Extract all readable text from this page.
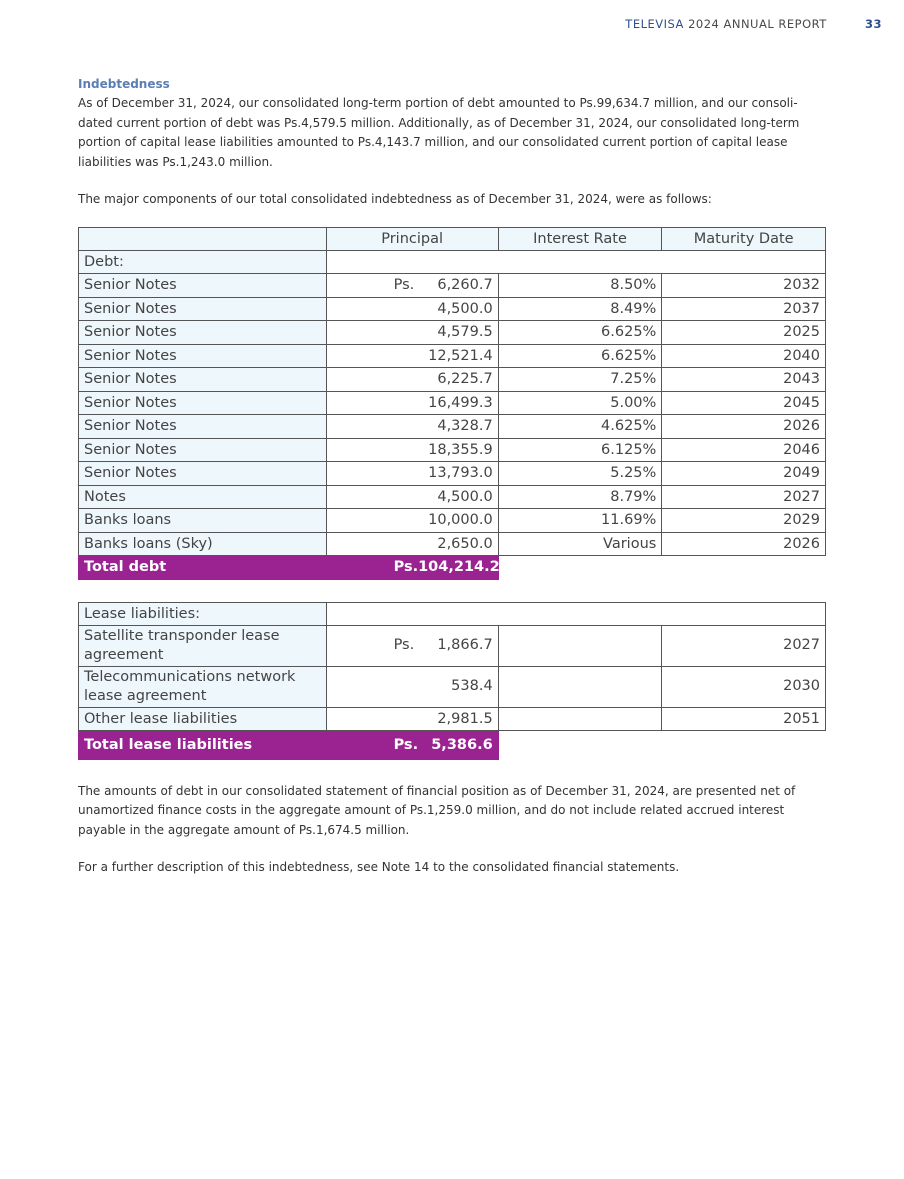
TELEVISA 2024 ANNUAL REPORT	33
Indebtedness

As of December 31, 2024, our consolidated long-term portion of debt amounted to Ps.99,634.7 million, and our consoli-dated current portion of debt was Ps.4,579.5 million. Additionally, as of December 31, 2024, our consolidated long-term portion of capital lease liabilities amounted to Ps.4,143.7 million, and our consolidated current portion of capital lease liabilities was Ps.1,243.0 million.

The major components of our total consolidated indebtedness as of December 31, 2024, were as follows:

	Principal	Interest Rate	Maturity Date
Debt:			
Senior Notes	Ps. 6,260.7	8.50%	2032
Senior Notes	4,500.0	8.49%	2037
Senior Notes	4,579.5	6.625%	2025
Senior Notes	12,521.4	6.625%	2040
Senior Notes	6,225.7	7.25%	2043
Senior Notes	16,499.3	5.00%	2045
Senior Notes	4,328.7	4.625%	2026
Senior Notes	18,355.9	6.125%	2046
Senior Notes	13,793.0	5.25%	2049
Notes	4,500.0	8.79%	2027
Banks loans	10,000.0	11.69%	2029
Banks loans (Sky)	2,650.0	Various	2026
Total debt	Ps. 104,214.2		
Lease liabilities:			
Satellite transponder lease agreement	Ps. 1,866.7		2027
Telecommunications network lease agreement	538.4		2030
Other lease liabilities	2,981.5		2051
Total lease liabilities	Ps. 5,386.6		

The amounts of debt in our consolidated statement of financial position as of December 31, 2024, are presented net of unamortized finance costs in the aggregate amount of Ps.1,259.0 million, and do not include related accrued interest payable in the aggregate amount of Ps.1,674.5 million.

For a further description of this indebtedness, see Note 14 to the consolidated financial statements.
